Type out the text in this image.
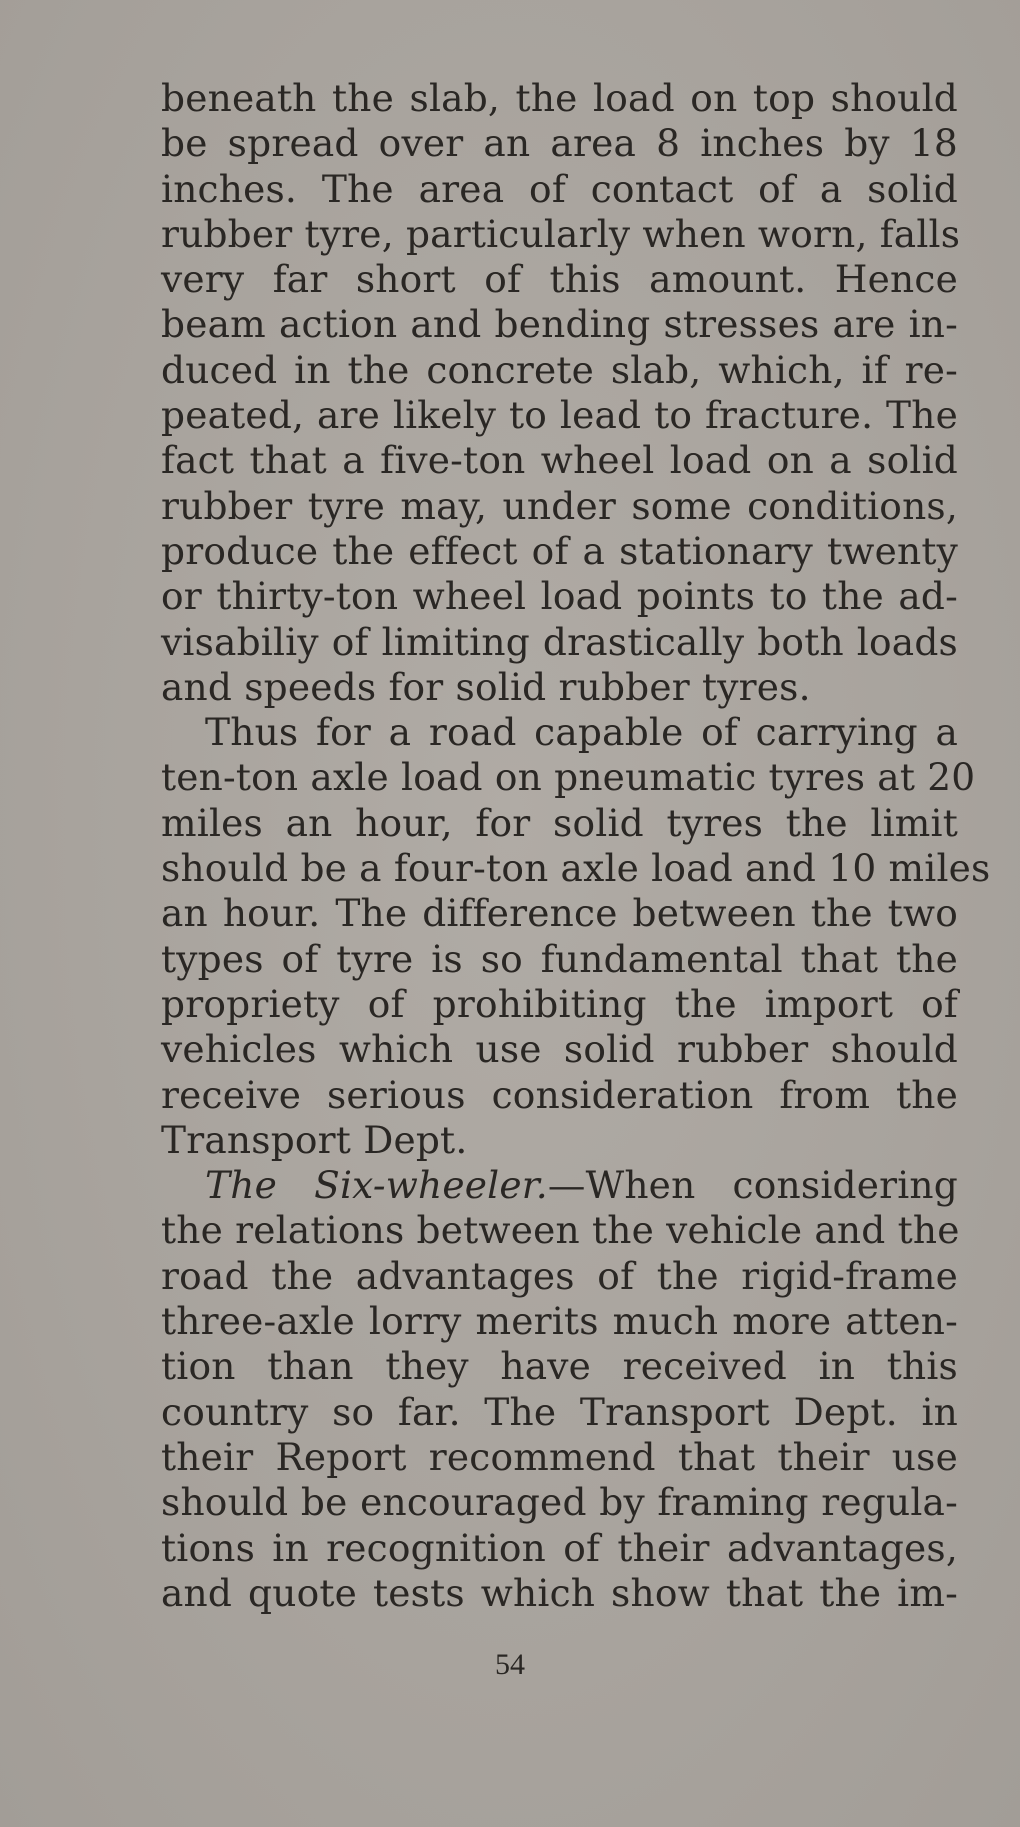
beneath the slab, the load on top should
be spread over an area 8 inches by 18
inches. The area of contact of a solid
rubber tyre, particularly when worn, falls
very far short of this amount. Hence
beam action and bending stresses are in-
duced in the concrete slab, which, if re-
peated, are likely to lead to fracture. The
fact that a five-ton wheel load on a solid
rubber tyre may, under some conditions,
produce the effect of a stationary twenty
or thirty-ton wheel load points to the ad-
visabiliy of limiting drastically both loads
and speeds for solid rubber tyres.
Thus for a road capable of carrying a
ten-ton axle load on pneumatic tyres at 20
miles an hour, for solid tyres the limit
should be a four-ton axle load and 10 miles
an hour. The difference between the two
types of tyre is so fundamental that the
propriety of prohibiting the import of
vehicles which use solid rubber should
receive serious consideration from the
Transport Dept.
The Six-wheeler.—When considering
the relations between the vehicle and the
road the advantages of the rigid-frame
three-axle lorry merits much more atten-
tion than they have received in this
country so far. The Transport Dept. in
their Report recommend that their use
should be encouraged by framing regula-
tions in recognition of their advantages,
and quote tests which show that the im-
54
